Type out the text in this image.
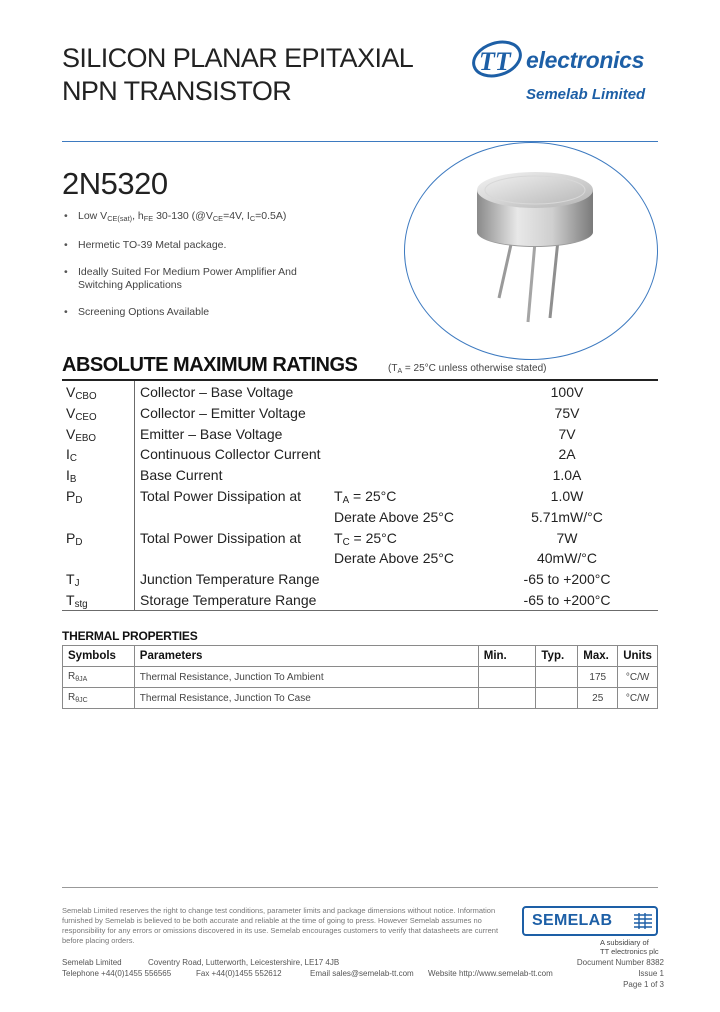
SILICON PLANAR EPITAXIAL
NPN TRANSISTOR
TT electronics
Semelab Limited
2N5320
• Low $V_{CE(sat)}$, $h_{FE}$ 30-130 ($@V_{CE}=4V$, $I_C=0.5A$)
• Hermetic TO-39 Metal package.
• Ideally Suited For Medium Power Amplifier And
Switching Applications
• Screening Options Available
ABSOLUTE MAXIMUM RATINGS	($T_A = 25^\circ C$ unless otherwise stated)
$V_{CBO}$	Collector – Base Voltage	100V
$V_{CEO}$	Collector – Emitter Voltage	75V
$V_{EBO}$	Emitter – Base Voltage	7V
$I_C$	Continuous Collector Current	2A
$I_B$	Base Current	1.0A
$P_D$	Total Power Dissipation at $T_A = 25^\circ C$	1.0W
Derate Above 25°C	5.71mW/°C
$P_D$	Total Power Dissipation at $T_C = 25^\circ C$	7W
Derate Above 25°C	40mW/°C
$T_J$	Junction Temperature Range	-65 to +200°C
$T_{stg}$	Storage Temperature Range	-65 to +200°C
THERMAL PROPERTIES
Symbols	Parameters	Min.	Typ.	Max.	Units
$R_{\theta JA}$	Thermal Resistance, Junction To Ambient			175	°C/W
$R_{\theta JC}$	Thermal Resistance, Junction To Case			25	°C/W
Semelab Limited reserves the right to change test conditions, parameter limits and package dimensions without notice. Information furnished by Semelab is believed to be both accurate and reliable at the time of going to press. However Semelab assumes no responsibility for any errors or omissions discovered in its use. Semelab encourages customers to verify that datasheets are current before placing orders.
SEMELAB
A subsidiary of
TT electronics plc
Semelab Limited	Coventry Road, Lutterworth, Leicestershire, LE17 4JB
Telephone +44(0)1455 556565	Fax +44(0)1455 552612	Email sales@semelab-tt.com Website http://www.semelab-tt.com
Document Number 8382
Issue 1
Page 1 of 3
